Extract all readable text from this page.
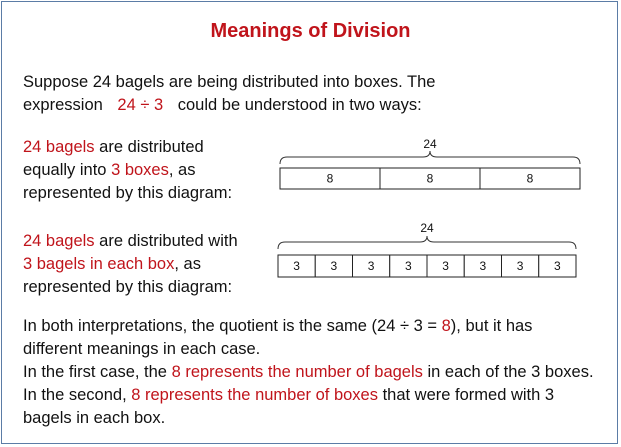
Meanings of Division
Suppose 24 bagels are being distributed into boxes. The
expression 24 ÷ 3 could be understood in two ways:
24 bagels are distributed
equally into 3 boxes, as
represented by this diagram:
24 bagels are distributed with
3 bagels in each box, as
represented by this diagram:
In both interpretations, the quotient is the same (24 ÷ 3 = 8), but it has
different meanings in each case.
In the first case, the 8 represents the number of bagels in each of the 3 boxes.
In the second, 8 represents the number of boxes that were formed with 3
bagels in each box.
24
8	8	8
24
3	3	3	3	3	3	3	3
